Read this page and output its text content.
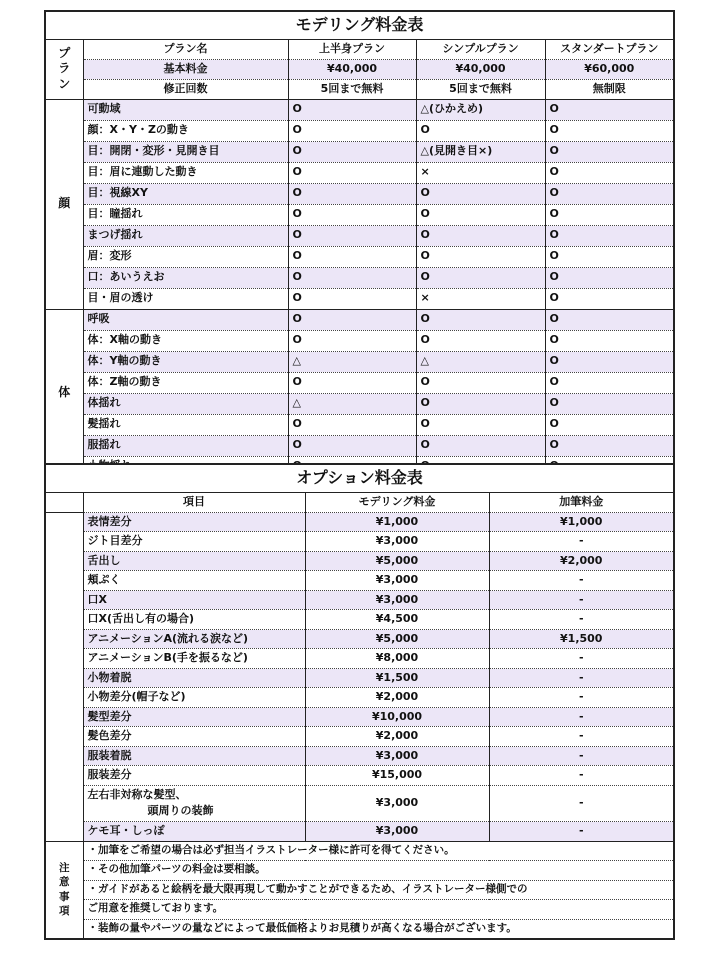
モデリング料金表				
プ
ラ
ン	プラン名	上半身プラン	シンプルプラン	スタンダートプラン
	基本料金	¥40,000	¥40,000	¥60,000
	修正回数	5回まで無料	5回まで無料	無制限
顔	可動域	O	△(ひかえめ)	O
	顔：X・Y・Zの動き	O	O	O
	目：開閉・変形・見開き目	O	△(見開き目×)	O
	目：眉に連動した動き	O	×	O
	目：視線XY	O	O	O
	目：瞳揺れ	O	O	O
	まつげ揺れ	O	O	O
	眉：変形	O	O	O
	口：あいうえお	O	O	O
	目・眉の透け	O	×	O
体	呼吸	O	O	O
	体：X軸の動き	O	O	O
	体：Y軸の動き	△	△	O
	体：Z軸の動き	O	O	O
	体揺れ	△	O	O
	髪揺れ	O	O	O
	服揺れ	O	O	O

オプション料金表			
	項目	モデリング料金	加筆料金
	表情差分	¥1,000	¥1,000
	ジト目差分	¥3,000	-
	舌出し	¥5,000	¥2,000
	頬ぷく	¥3,000	-
	口X	¥3,000	-
	口X(舌出し有の場合)	¥4,500	-
	アニメーションA(流れる涙など)	¥5,000	¥1,500
	アニメーションB(手を振るなど)	¥8,000	-
	小物着脱	¥1,500	-
	小物差分(帽子など)	¥2,000	-
	髪型差分	¥10,000	-
	髪色差分	¥2,000	-
	服装着脱	¥3,000	-
	服装差分	¥15,000	-
	左右非対称な髪型、
頭周りの装飾	¥3,000	-
	ケモ耳・しっぽ	¥3,000	-
注
意
事
項	・加筆をご希望の場合は必ず担当イラストレーター様に許可を得てください。		
	・その他加筆パーツの料金は要相談。		
	・ガイドがあると絵柄を最大限再現して動かすことができるため、イラストレーター様側での		
	ご用意を推奨しております。		
	・装飾の量やパーツの量などによって最低価格よりお見積りが高くなる場合がございます。		
